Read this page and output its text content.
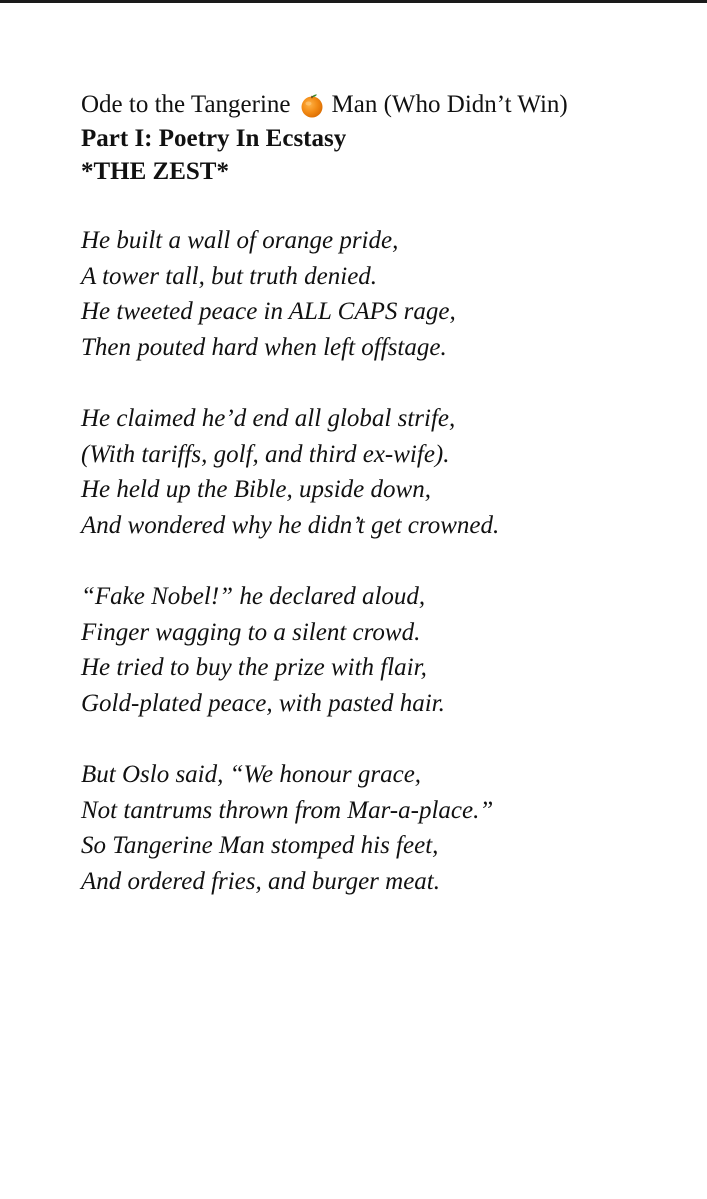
Ode to the Tangerine Man (Who Didn’t Win)
Part I: Poetry In Ecstasy
*THE ZEST*
He built a wall of orange pride,
A tower tall, but truth denied.
He tweeted peace in ALL CAPS rage,
Then pouted hard when left offstage.
He claimed he’d end all global strife,
(With tariffs, golf, and third ex-wife).
He held up the Bible, upside down,
And wondered why he didn’t get crowned.
“Fake Nobel!” he declared aloud,
Finger wagging to a silent crowd.
He tried to buy the prize with flair,
Gold-plated peace, with pasted hair.
But Oslo said, “We honour grace,
Not tantrums thrown from Mar-a-place.”
So Tangerine Man stomped his feet,
And ordered fries, and burger meat.
